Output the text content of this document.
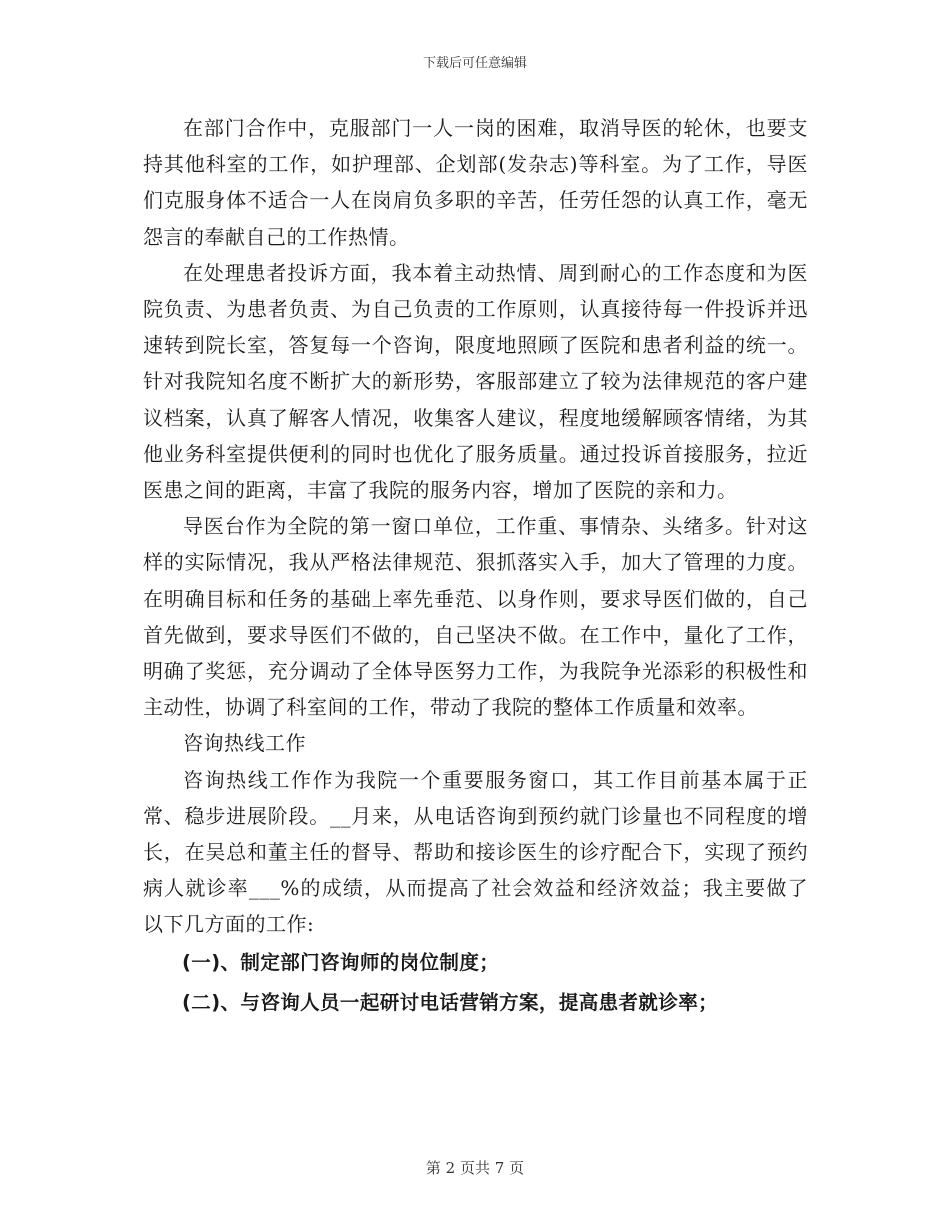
下载后可任意编辑

在部门合作中，克服部门一人一岗的困难，取消导医的轮休，也要支持其他科室的工作，如护理部、企划部(发杂志)等科室。为了工作，导医们克服身体不适合一人在岗肩负多职的辛苦，任劳任怨的认真工作，毫无怨言的奉献自己的工作热情。

在处理患者投诉方面，我本着主动热情、周到耐心的工作态度和为医院负责、为患者负责、为自己负责的工作原则，认真接待每一件投诉并迅速转到院长室，答复每一个咨询，限度地照顾了医院和患者利益的统一。针对我院知名度不断扩大的新形势，客服部建立了较为法律规范的客户建议档案，认真了解客人情况，收集客人建议，程度地缓解顾客情绪，为其他业务科室提供便利的同时也优化了服务质量。通过投诉首接服务，拉近医患之间的距离，丰富了我院的服务内容，增加了医院的亲和力。

导医台作为全院的第一窗口单位，工作重、事情杂、头绪多。针对这样的实际情况，我从严格法律规范、狠抓落实入手，加大了管理的力度。在明确目标和任务的基础上率先垂范、以身作则，要求导医们做的，自己首先做到，要求导医们不做的，自己坚决不做。在工作中，量化了工作，明确了奖惩，充分调动了全体导医努力工作，为我院争光添彩的积极性和主动性，协调了科室间的工作，带动了我院的整体工作质量和效率。

咨询热线工作

咨询热线工作作为我院一个重要服务窗口，其工作目前基本属于正常、稳步进展阶段。__月来，从电话咨询到预约就门诊量也不同程度的增长，在吴总和董主任的督导、帮助和接诊医生的诊疗配合下，实现了预约病人就诊率___%的成绩，从而提高了社会效益和经济效益；我主要做了以下几方面的工作:

(一)、制定部门咨询师的岗位制度；

(二)、与咨询人员一起研讨电话营销方案，提高患者就诊率；

第 2 页共 7 页
